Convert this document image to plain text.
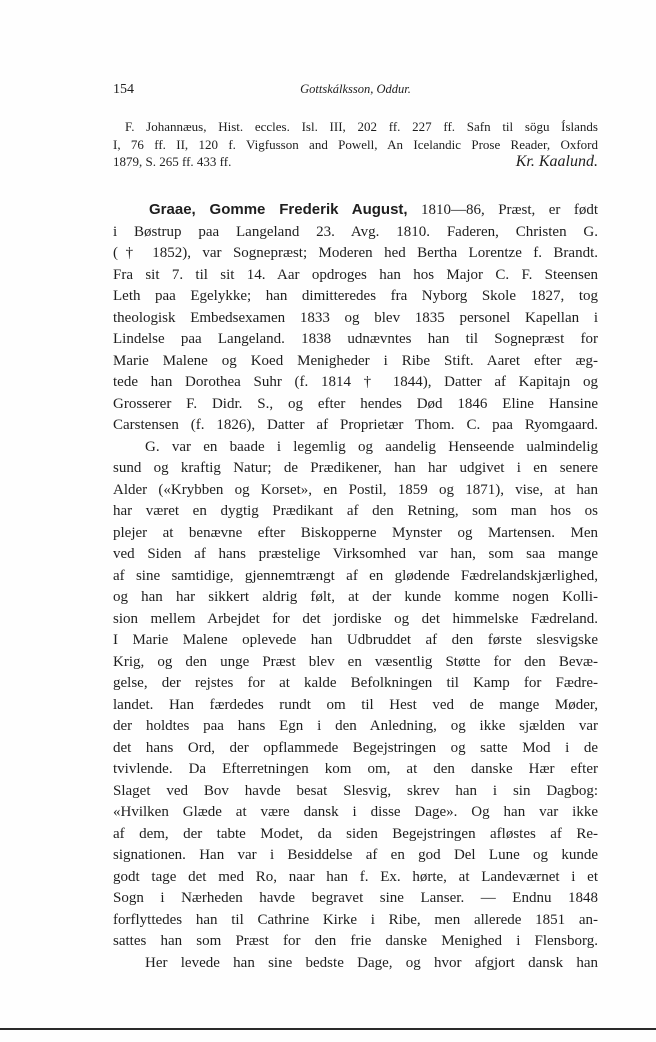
154	Gottskálksson, Oddur.
F. Johannæus, Hist. eccles. Isl. III, 202 ff. 227 ff. Safn til sögu Íslands
I, 76 ff. II, 120 f. Vigfusson and Powell, An Icelandic Prose Reader, Oxford
1879, S. 265 ff. 433 ff.	Kr. Kaalund.
Graae, Gomme Frederik August, 1810—86, Præst, er født
i Bøstrup paa Langeland 23. Avg. 1810. Faderen, Christen G.
(† 1852), var Sognepræst; Moderen hed Bertha Lorentze f. Brandt.
Fra sit 7. til sit 14. Aar opdroges han hos Major C. F. Steensen
Leth paa Egelykke; han dimitteredes fra Nyborg Skole 1827, tog
theologisk Embedsexamen 1833 og blev 1835 personel Kapellan i
Lindelse paa Langeland. 1838 udnævntes han til Sognepræst for
Marie Malene og Koed Menigheder i Ribe Stift. Aaret efter æg-
tede han Dorothea Suhr (f. 1814 † 1844), Datter af Kapitajn og
Grosserer F. Didr. S., og efter hendes Død 1846 Eline Hansine
Carstensen (f. 1826), Datter af Proprietær Thom. C. paa Ryomgaard.
G. var en baade i legemlig og aandelig Henseende ualmindelig
sund og kraftig Natur; de Prædikener, han har udgivet i en senere
Alder («Krybben og Korset», en Postil, 1859 og 1871), vise, at han
har været en dygtig Prædikant af den Retning, som man hos os
plejer at benævne efter Biskopperne Mynster og Martensen. Men
ved Siden af hans præstelige Virksomhed var han, som saa mange
af sine samtidige, gjennemtrængt af en glødende Fædrelandskjærlighed,
og han har sikkert aldrig følt, at der kunde komme nogen Kolli-
sion mellem Arbejdet for det jordiske og det himmelske Fædreland.
I Marie Malene oplevede han Udbruddet af den første slesvigske
Krig, og den unge Præst blev en væsentlig Støtte for den Bevæ-
gelse, der rejstes for at kalde Befolkningen til Kamp for Fædre-
landet. Han færdedes rundt om til Hest ved de mange Møder,
der holdtes paa hans Egn i den Anledning, og ikke sjælden var
det hans Ord, der opflammede Begejstringen og satte Mod i de
tvivlende. Da Efterretningen kom om, at den danske Hær efter
Slaget ved Bov havde besat Slesvig, skrev han i sin Dagbog:
«Hvilken Glæde at være dansk i disse Dage». Og han var ikke
af dem, der tabte Modet, da siden Begejstringen afløstes af Re-
signationen. Han var i Besiddelse af en god Del Lune og kunde
godt tage det med Ro, naar han f. Ex. hørte, at Landeværnet i et
Sogn i Nærheden havde begravet sine Lanser. — Endnu 1848
forflyttedes han til Cathrine Kirke i Ribe, men allerede 1851 an-
sattes han som Præst for den frie danske Menighed i Flensborg.
Her levede han sine bedste Dage, og hvor afgjort dansk han
